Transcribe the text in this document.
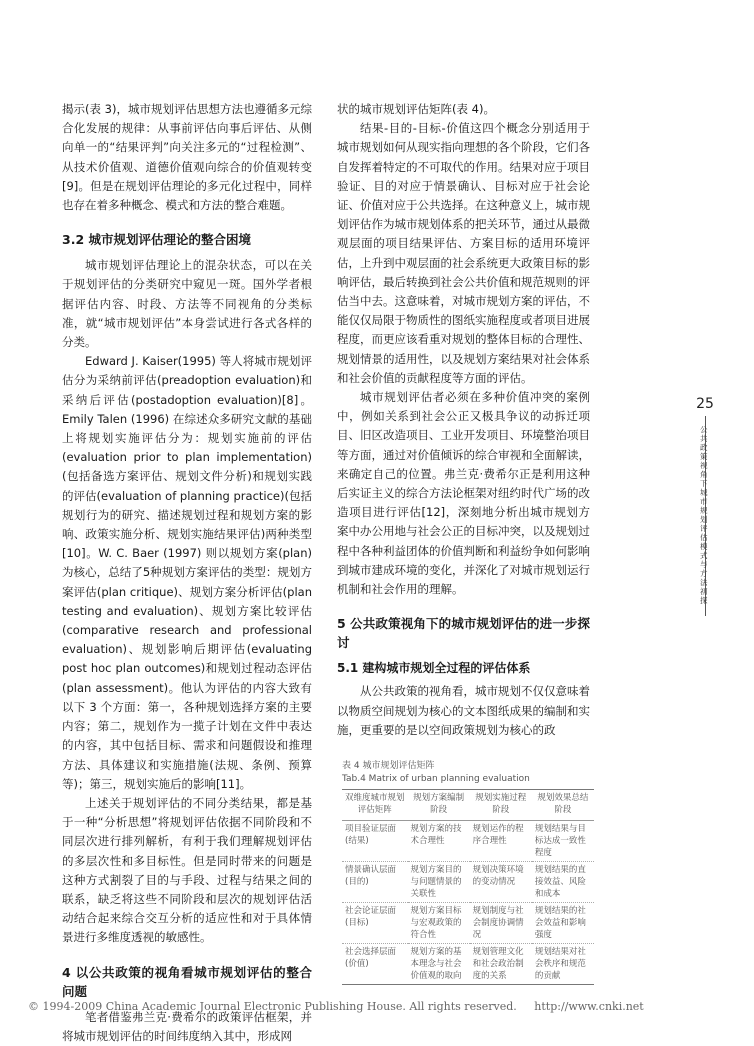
揭示(表 3)，城市规划评估思想方法也遵循多元综合化发展的规律：从事前评估向事后评估、从侧向单一的“结果评判”向关注多元的“过程检测”、从技术价值观、道德价值观向综合的价值观转变[9]。但是在规划评估理论的多元化过程中，同样也存在着多种概念、模式和方法的整合难题。

3.2 城市规划评估理论的整合困境

城市规划评估理论上的混杂状态，可以在关于规划评估的分类研究中窥见一斑。国外学者根据评估内容、时段、方法等不同视角的分类标准，就“城市规划评估”本身尝试进行各式各样的分类。

Edward J. Kaiser(1995) 等人将城市规划评估分为采纳前评估(preadoption evaluation)和采纳后评估(postadoption evaluation)[8]。Emily Talen (1996) 在综述众多研究文献的基础上将规划实施评估分为：规划实施前的评估(evaluation prior to plan implementation)(包括备选方案评估、规划文件分析)和规划实践的评估(evaluation of planning practice)(包括规划行为的研究、描述规划过程和规划方案的影响、政策实施分析、规划实施结果评估)两种类型 [10]。W. C. Baer (1997) 则以规划方案(plan)为核心，总结了5种规划方案评估的类型：规划方案评估(plan critique)、规划方案分析评估(plan testing and evaluation)、规划方案比较评估(comparative research and professional evaluation)、规划影响后期评估(evaluating post hoc plan outcomes)和规划过程动态评估(plan assessment)。他认为评估的内容大致有以下 3 个方面：第一，各种规划选择方案的主要内容；第二，规划作为一揽子计划在文件中表达的内容，其中包括目标、需求和问题假设和推理方法、具体建议和实施措施(法规、条例、预算等)；第三，规划实施后的影响[11]。

上述关于规划评估的不同分类结果，都是基于一种“分析思想”将规划评估依据不同阶段和不同层次进行排列解析，有利于我们理解规划评估的多层次性和多目标性。但是同时带来的问题是这种方式割裂了目的与手段、过程与结果之间的联系，缺乏将这些不同阶段和层次的规划评估活动结合起来综合交互分析的适应性和对于具体情景进行多维度透视的敏感性。

4 以公共政策的视角看城市规划评估的整合问题

笔者借鉴弗兰克·费希尔的政策评估框架，并将城市规划评估的时间纬度纳入其中，形成网

状的城市规划评估矩阵(表 4)。

结果-目的-目标-价值这四个概念分别适用于城市规划如何从现实指向理想的各个阶段，它们各自发挥着特定的不可取代的作用。结果对应于项目验证、目的对应于情景确认、目标对应于社会论证、价值对应于公共选择。在这种意义上，城市规划评估作为城市规划体系的把关环节，通过从最微观层面的项目结果评估、方案目标的适用环境评估，上升到中观层面的社会系统更大政策目标的影响评估，最后转换到社会公共价值和规范规则的评估当中去。这意味着，对城市规划方案的评估，不能仅仅局限于物质性的图纸实施程度或者项目进展程度，而更应该看重对规划的整体目标的合理性、规划情景的适用性，以及规划方案结果对社会体系和社会价值的贡献程度等方面的评估。

城市规划评估者必须在多种价值冲突的案例中，例如关系到社会公正又极具争议的动拆迁项目、旧区改造项目、工业开发项目、环境整治项目等方面，通过对价值倾诉的综合审视和全面解读，来确定自己的位置。弗兰克·费希尔正是利用这种后实证主义的综合方法论框架对纽约时代广场的改造项目进行评估[12]，深刻地分析出城市规划方案中办公用地与社会公正的目标冲突，以及规划过程中各种利益团体的价值判断和利益纷争如何影响到城市建成环境的变化，并深化了对城市规划运行机制和社会作用的理解。

5 公共政策视角下的城市规划评估的进一步探讨
5.1 建构城市规划全过程的评估体系

从公共政策的视角看，城市规划不仅仅意味着以物质空间规划为核心的文本图纸成果的编制和实施，更重要的是以空间政策规划为核心的政

25
公共政策视角下城市规划评估模式与方法初探
表 4 城市规划评估矩阵
Tab.4 Matrix of urban planning evaluation
双维度城市规划评估矩阵	规划方案编制阶段	规划实施过程阶段	规划效果总结阶段
项目验证层面(结果)	规划方案的技术合理性	规划运作的程序合理性	规划结果与目标达成一致性程度
情景确认层面(目的)	规划方案目的与问题情景的关联性	规划决策环境的变动情况	规划结果的直接效益、风险和成本
社会论证层面(目标)	规划方案目标与宏观政策的符合性	规划制度与社会制度协调情况	规划结果的社会效益和影响强度
社会选择层面(价值)	规划方案的基本理念与社会价值观的取向	规划管理文化和社会政治制度的关系	规划结果对社会秩序和规范的贡献
© 1994-2009 China Academic Journal Electronic Publishing House. All rights reserved. http://www.cnki.net
